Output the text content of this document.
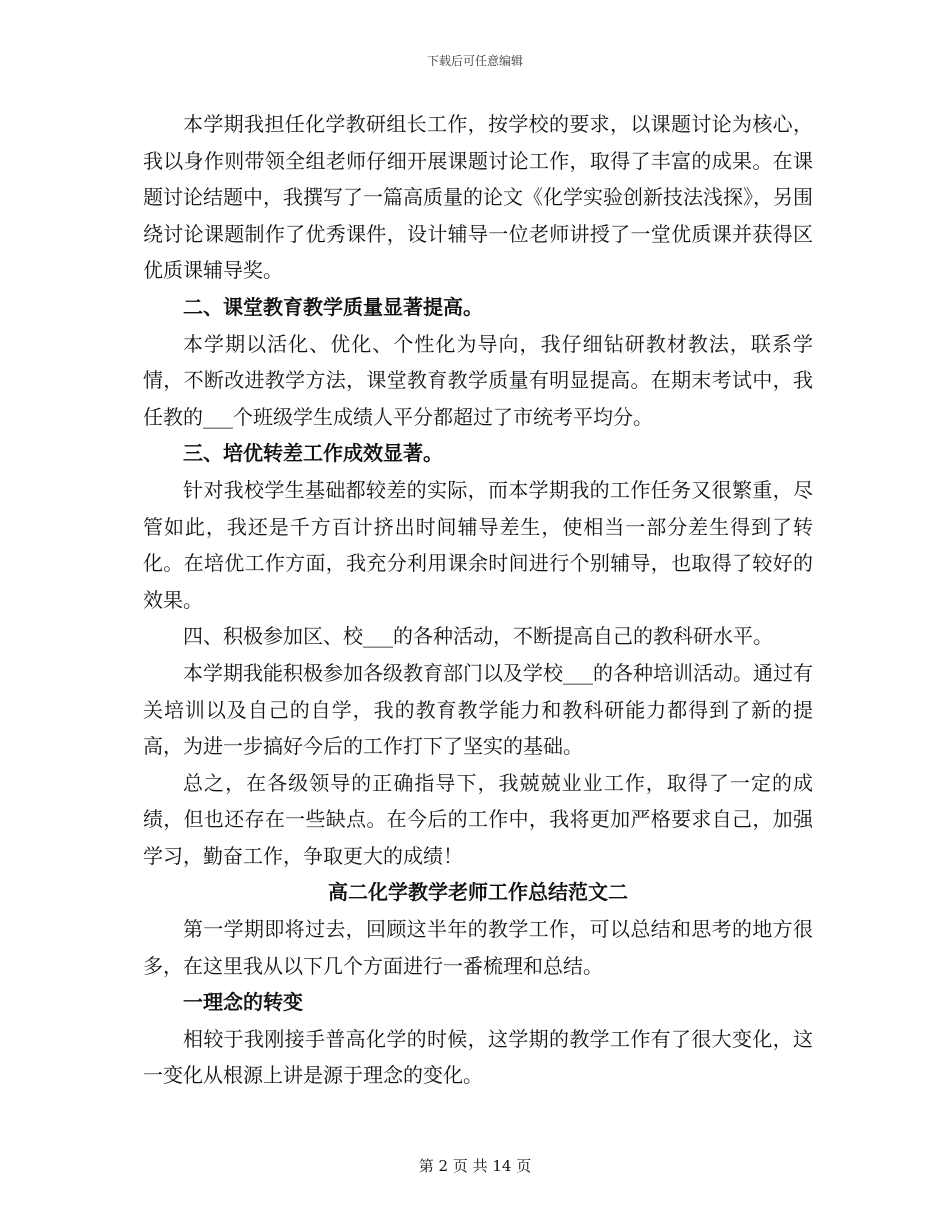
下载后可任意编辑

本学期我担任化学教研组长工作，按学校的要求，以课题讨论为核心，我以身作则带领全组老师仔细开展课题讨论工作，取得了丰富的成果。在课题讨论结题中，我撰写了一篇高质量的论文《化学实验创新技法浅探》，另围绕讨论课题制作了优秀课件，设计辅导一位老师讲授了一堂优质课并获得区优质课辅导奖。

二、课堂教育教学质量显著提高。

本学期以活化、优化、个性化为导向，我仔细钻研教材教法，联系学情，不断改进教学方法，课堂教育教学质量有明显提高。在期末考试中，我任教的___个班级学生成绩人平分都超过了市统考平均分。

三、培优转差工作成效显著。

针对我校学生基础都较差的实际，而本学期我的工作任务又很繁重，尽管如此，我还是千方百计挤出时间辅导差生，使相当一部分差生得到了转化。在培优工作方面，我充分利用课余时间进行个别辅导，也取得了较好的效果。

四、积极参加区、校___的各种活动，不断提高自己的教科研水平。

本学期我能积极参加各级教育部门以及学校___的各种培训活动。通过有关培训以及自己的自学，我的教育教学能力和教科研能力都得到了新的提高，为进一步搞好今后的工作打下了坚实的基础。

总之，在各级领导的正确指导下，我兢兢业业工作，取得了一定的成绩，但也还存在一些缺点。在今后的工作中，我将更加严格要求自己，加强学习，勤奋工作，争取更大的成绩！

高二化学教学老师工作总结范文二

第一学期即将过去，回顾这半年的教学工作，可以总结和思考的地方很多，在这里我从以下几个方面进行一番梳理和总结。

一理念的转变

相较于我刚接手普高化学的时候，这学期的教学工作有了很大变化，这一变化从根源上讲是源于理念的变化。

第 2 页 共 14 页
